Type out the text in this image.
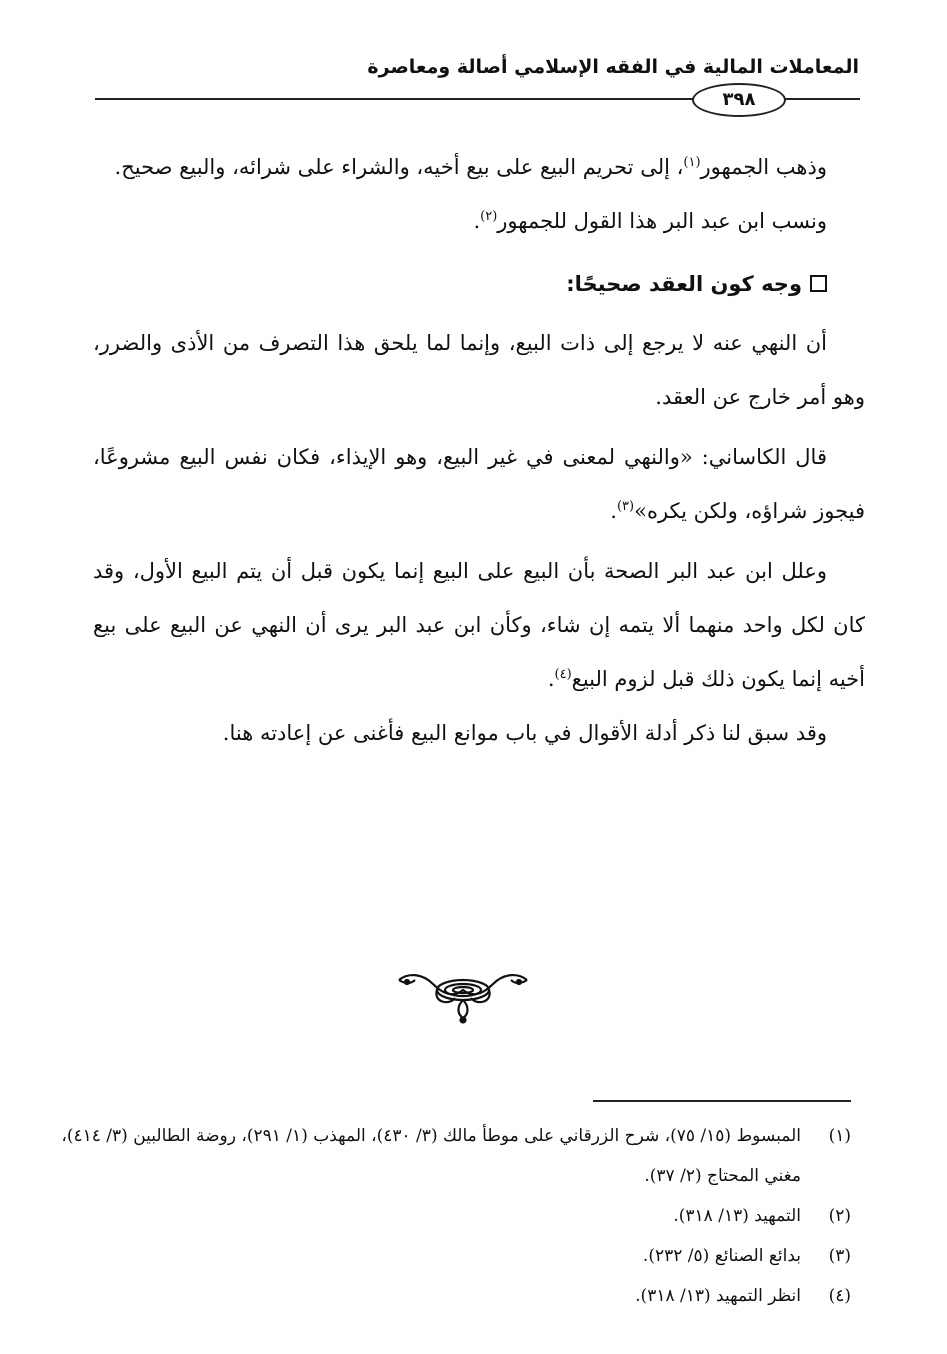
المعاملات المالية في الفقه الإسلامي أصالة ومعاصرة
٣٩٨

وذهب الجمهور$^{(١)}$، إلى تحريم البيع على بيع أخيه، والشراء على شرائه، والبيع صحيح.

ونسب ابن عبد البر هذا القول للجمهور$^{(٢)}$.

وجه كون العقد صحيحًا:

أن النهي عنه لا يرجع إلى ذات البيع، وإنما لما يلحق هذا التصرف من الأذى والضرر، وهو أمر خارج عن العقد.

قال الكاساني: «والنهي لمعنى في غير البيع، وهو الإيذاء، فكان نفس البيع مشروعًا، فيجوز شراؤه، ولكن يكره»$^{(٣)}$.

وعلل ابن عبد البر الصحة بأن البيع على البيع إنما يكون قبل أن يتم البيع الأول، وقد كان لكل واحد منهما ألا يتمه إن شاء، وكأن ابن عبد البر يرى أن النهي عن البيع على بيع أخيه إنما يكون ذلك قبل لزوم البيع$^{(٤)}$.

وقد سبق لنا ذكر أدلة الأقوال في باب موانع البيع فأغنى عن إعادته هنا.

(١)
المبسوط (١٥/ ٧٥)، شرح الزرقاني على موطأ مالك (٣/ ٤٣٠)، المهذب (١/ ٢٩١)، روضة الطالبين (٣/ ٤١٤)، مغني المحتاج (٢/ ٣٧).
(٢)
التمهيد (١٣/ ٣١٨).
(٣)
بدائع الصنائع (٥/ ٢٣٢).
(٤)
انظر التمهيد (١٣/ ٣١٨).
